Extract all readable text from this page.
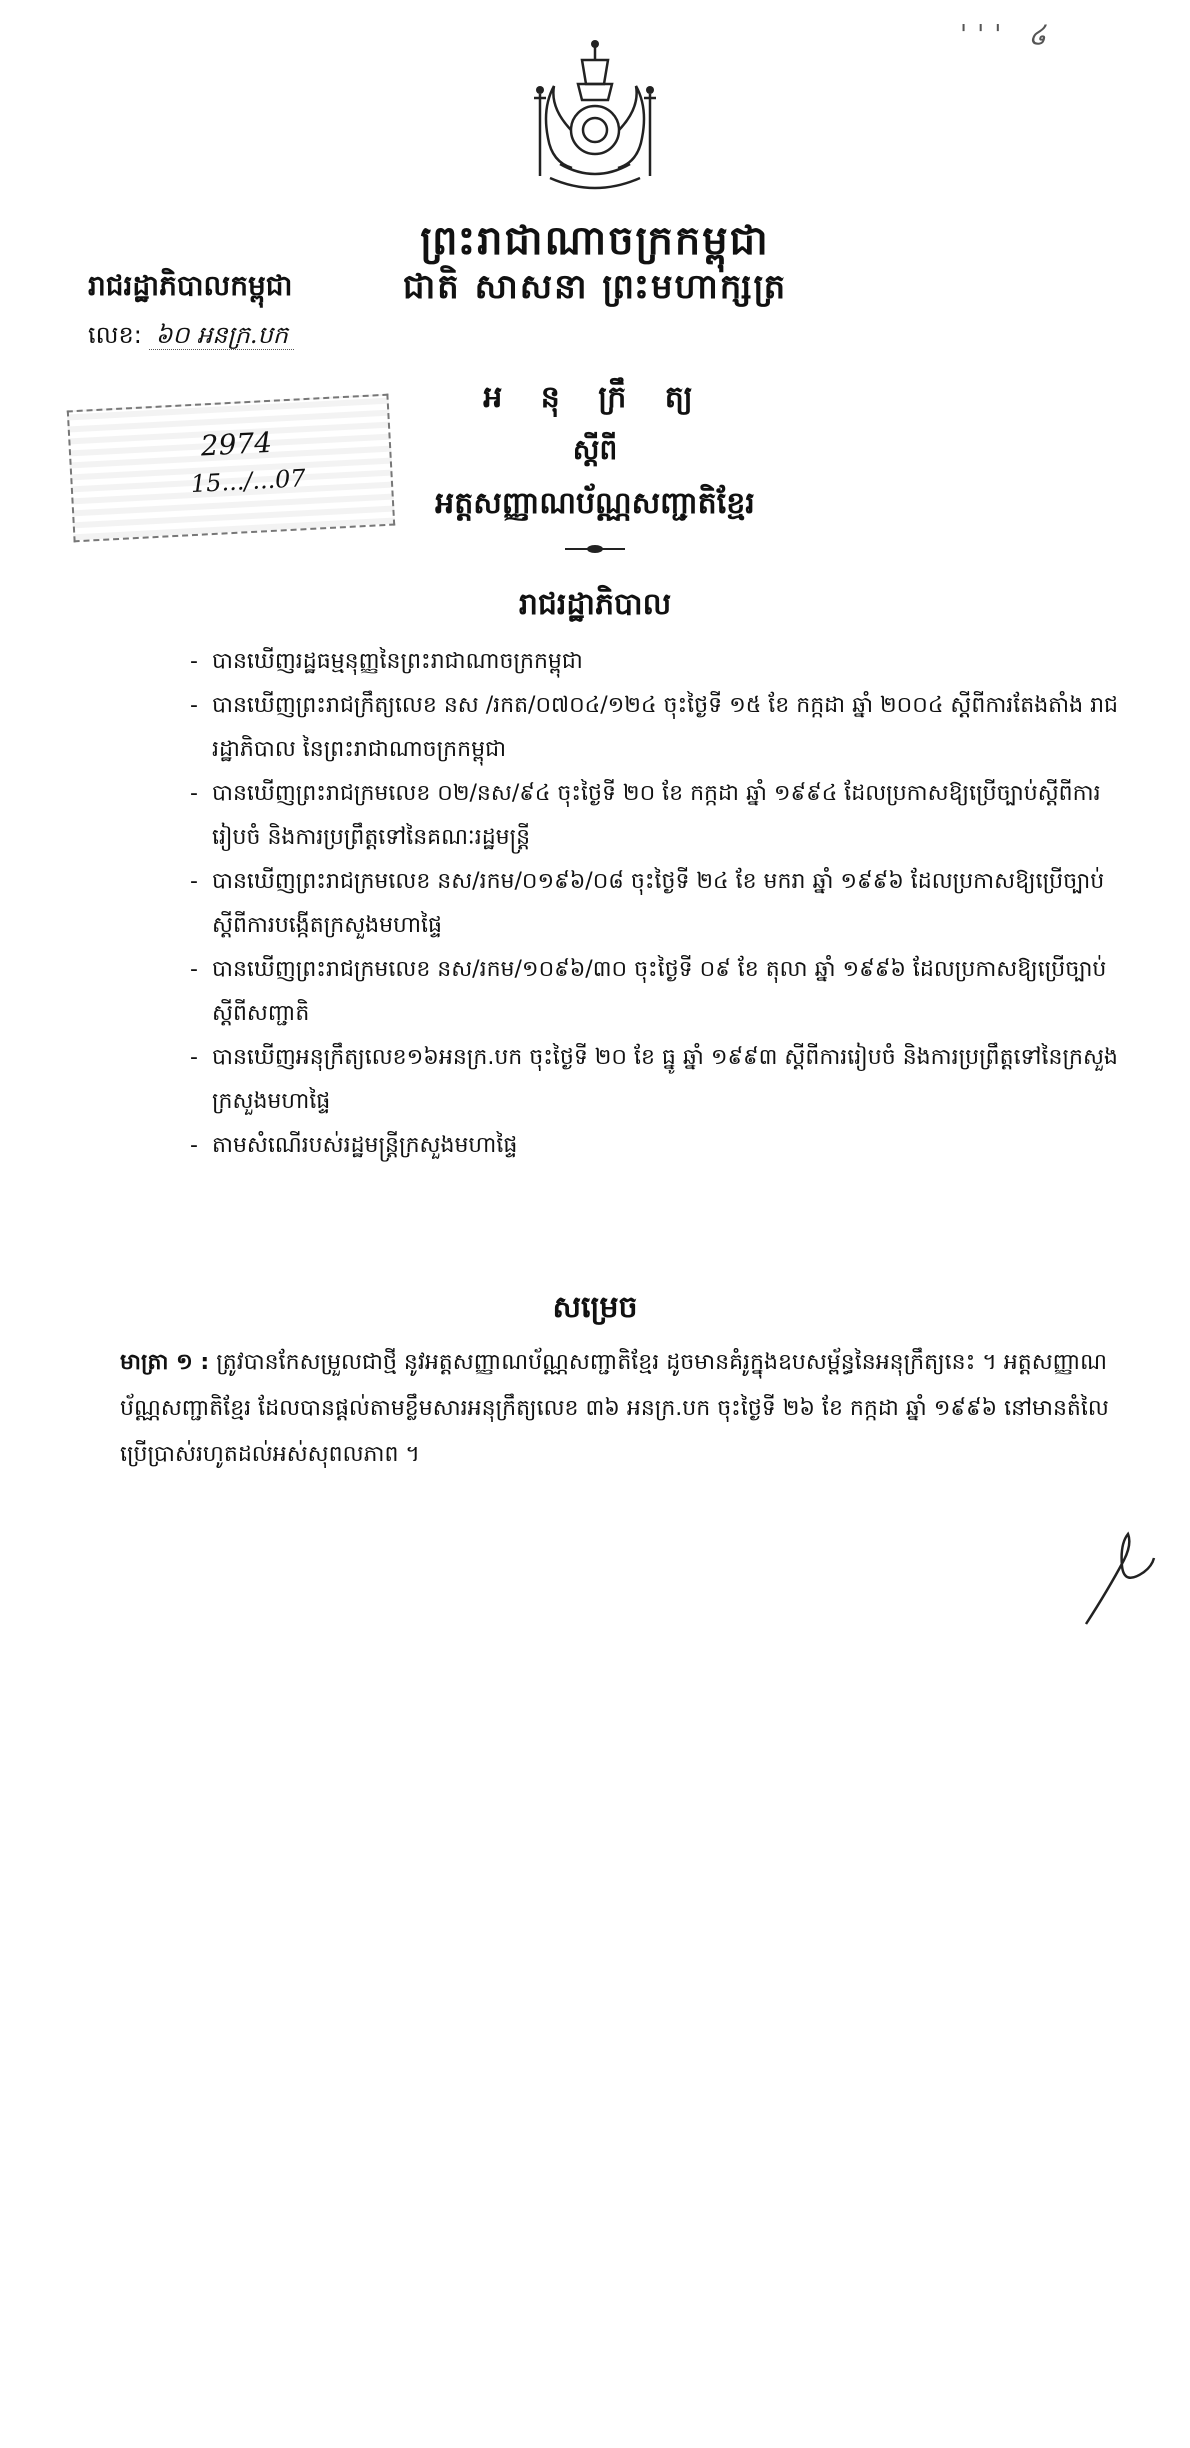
''' ໒
ព្រះរាជាណាចក្រកម្ពុជា
ជាតិ សាសនា ព្រះមហាក្សត្រ
រាជរដ្ឋាភិបាលកម្ពុជា
លេខ: ៦០ អនក្រ.បក
2974
15.../...07
អ នុ ក្រឹ ត្យ
ស្តីពី
អត្តសញ្ញាណប័ណ្ណសញ្ជាតិខ្មែរ
រាជរដ្ឋាភិបាល
- បានឃើញរដ្ឋធម្មនុញ្ញនៃព្រះរាជាណាចក្រកម្ពុជា
- បានឃើញព្រះរាជក្រឹត្យលេខ នស /រកត/០៧០៤/១២៤ ចុះថ្ងៃទី ១៥ ខែ កក្កដា ឆ្នាំ ២០០៤ ស្តីពីការតែងតាំង រាជរដ្ឋាភិបាល នៃព្រះរាជាណាចក្រកម្ពុជា
- បានឃើញព្រះរាជក្រមលេខ ០២/នស/៩៤ ចុះថ្ងៃទី ២០ ខែ កក្កដា ឆ្នាំ ១៩៩៤ ដែលប្រកាសឱ្យប្រើច្បាប់ស្តីពីការ រៀបចំ និងការប្រព្រឹត្តទៅនៃគណៈរដ្ឋមន្ត្រី
- បានឃើញព្រះរាជក្រមលេខ នស/រកម/០១៩៦/០៨ ចុះថ្ងៃទី ២៤ ខែ មករា ឆ្នាំ ១៩៩៦ ដែលប្រកាសឱ្យប្រើច្បាប់ ស្តីពីការបង្កើតក្រសួងមហាផ្ទៃ
- បានឃើញព្រះរាជក្រមលេខ នស/រកម/១០៩៦/៣០ ចុះថ្ងៃទី ០៩ ខែ តុលា ឆ្នាំ ១៩៩៦ ដែលប្រកាសឱ្យប្រើច្បាប់ ស្តីពីសញ្ជាតិ
- បានឃើញអនុក្រឹត្យលេខ១៦អនក្រ.បក ចុះថ្ងៃទី ២០ ខែ ធ្នូ ឆ្នាំ ១៩៩៣ ស្តីពីការរៀបចំ និងការប្រព្រឹត្តទៅនៃក្រសួង ក្រសួងមហាផ្ទៃ
- តាមសំណើរបស់រដ្ឋមន្ត្រីក្រសួងមហាផ្ទៃ
សម្រេច
មាត្រា ១ : ត្រូវបានកែសម្រួលជាថ្មី នូវអត្តសញ្ញាណប័ណ្ណសញ្ជាតិខ្មែរ ដូចមានគំរូក្នុងឧបសម្ព័ន្ធនៃអនុក្រឹត្យនេះ ។ អត្តសញ្ញាណប័ណ្ណសញ្ជាតិខ្មែរ ដែលបានផ្តល់តាមខ្លឹមសារអនុក្រឹត្យលេខ ៣៦ អនក្រ.បក ចុះថ្ងៃទី ២៦ ខែ កក្កដា ឆ្នាំ ១៩៩៦ នៅមានតំលៃប្រើប្រាស់រហូតដល់អស់សុពលភាព ។
